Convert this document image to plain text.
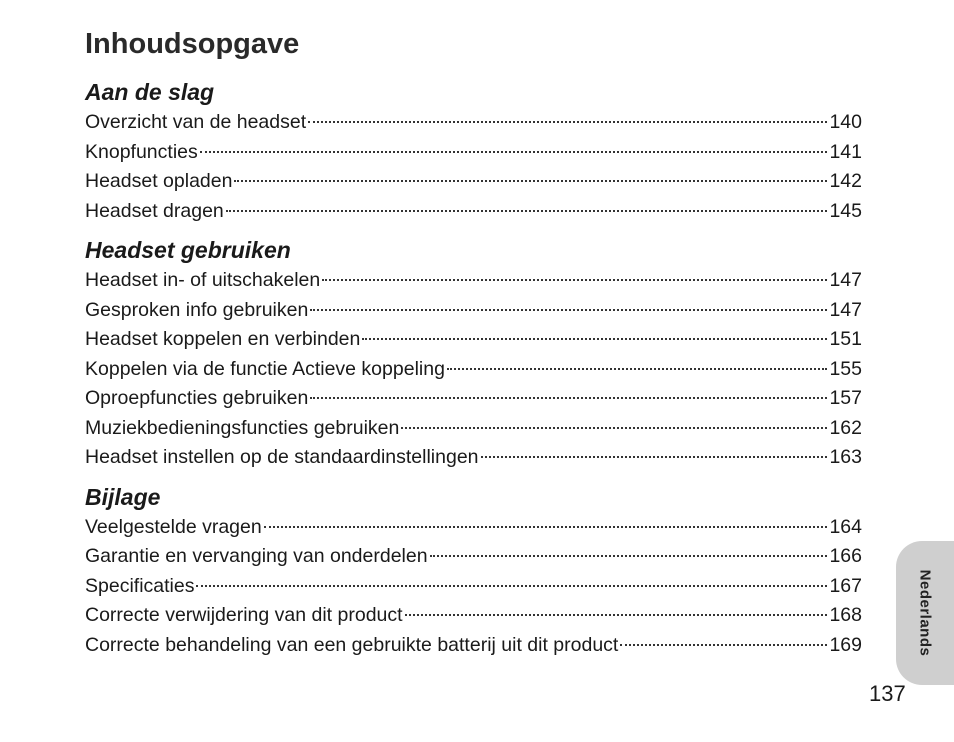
Inhoudsopgave
Aan de slag
Overzicht van de headset	140
Knopfuncties	141
Headset opladen	142
Headset dragen	145
Headset gebruiken
Headset in- of uitschakelen	147
Gesproken info gebruiken	147
Headset koppelen en verbinden	151
Koppelen via de functie Actieve koppeling	155
Oproepfuncties gebruiken	157
Muziekbedieningsfuncties gebruiken	162
Headset instellen op de standaardinstellingen	163
Bijlage
Veelgestelde vragen	164
Garantie en vervanging van onderdelen	166
Specificaties	167
Correcte verwijdering van dit product	168
Correcte behandeling van een gebruikte batterij uit dit product	169	Nederlands
137
